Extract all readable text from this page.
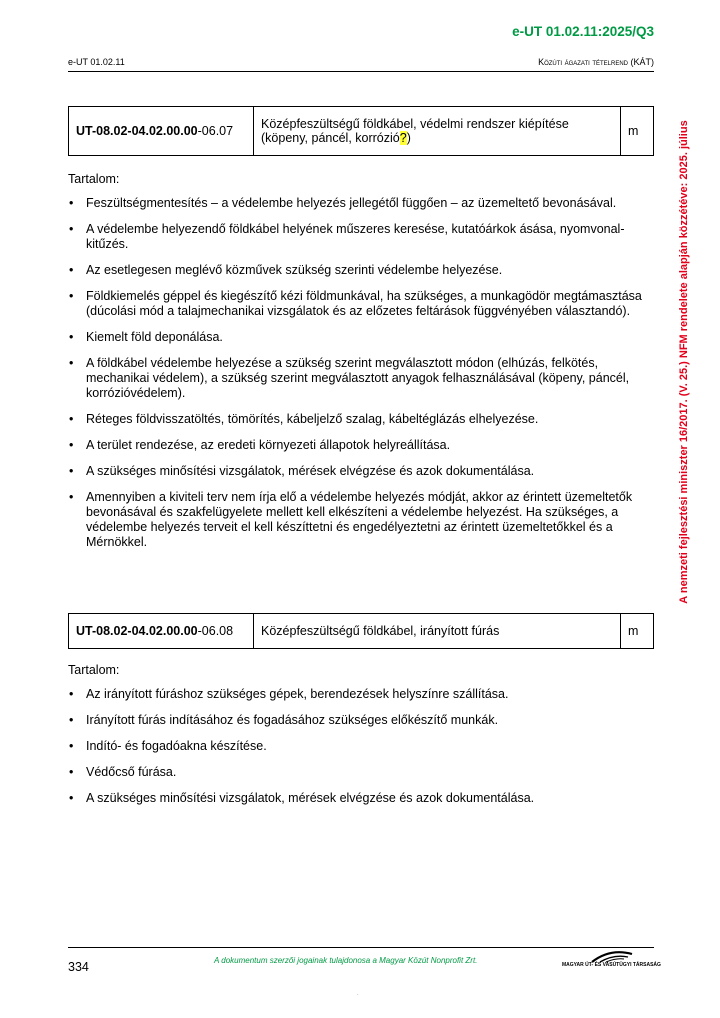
e-UT 01.02.11:2025/Q3
e-UT 01.02.11	Közúti ágazati tételrend (KÁT)
A nemzeti fejlesztési miniszter 16/2017. (V. 25.) NFM rendelete alapján közzétéve: 2025. július
UT-08.02-04.02.00.00-06.07	Középfeszültségű földkábel, védelmi rendszer kiépítése (köpeny, páncél, korrózió?)	m

Tartalom:

• Feszültségmentesítés – a védelembe helyezés jellegétől függően – az üzemeltető bevonásával.
• A védelembe helyezendő földkábel helyének műszeres keresése, kutatóárkok ásása, nyomvonal-kitűzés.
• Az esetlegesen meglévő közművek szükség szerinti védelembe helyezése.
• Földkiemelés géppel és kiegészítő kézi földmunkával, ha szükséges, a munkagödör megtámasztása (dúcolási mód a talajmechanikai vizsgálatok és az előzetes feltárások függvényében választandó).
• Kiemelt föld deponálása.
• A földkábel védelembe helyezése a szükség szerint megválasztott módon (elhúzás, felkötés, mechanikai védelem), a szükség szerint megválasztott anyagok felhasználásával (köpeny, páncél, korrózióvédelem).
• Réteges földvisszatöltés, tömörítés, kábeljelző szalag, kábeltéglázás elhelyezése.
• A terület rendezése, az eredeti környezeti állapotok helyreállítása.
• A szükséges minősítési vizsgálatok, mérések elvégzése és azok dokumentálása.
• Amennyiben a kiviteli terv nem írja elő a védelembe helyezés módját, akkor az érintett üzemeltetők bevonásával és szakfelügyelete mellett kell elkészíteni a védelembe helyezést. Ha szükséges, a védelembe helyezés terveit el kell készíttetni és engedélyeztetni az érintett üzemeltetőkkel és a Mérnökkel.
UT-08.02-04.02.00.00-06.08	Középfeszültségű földkábel, irányított fúrás	m

Tartalom:

• Az irányított fúráshoz szükséges gépek, berendezések helyszínre szállítása.
• Irányított fúrás indításához és fogadásához szükséges előkészítő munkák.
• Indító- és fogadóakna készítése.
• Védőcső fúrása.
• A szükséges minősítési vizsgálatok, mérések elvégzése és azok dokumentálása.
334	A dokumentum szerzői jogainak tulajdonosa a Magyar Közút Nonprofit Zrt.	MAGYAR ÚT- ÉS VASÚTÜGYI TÁRSASÁG
.
